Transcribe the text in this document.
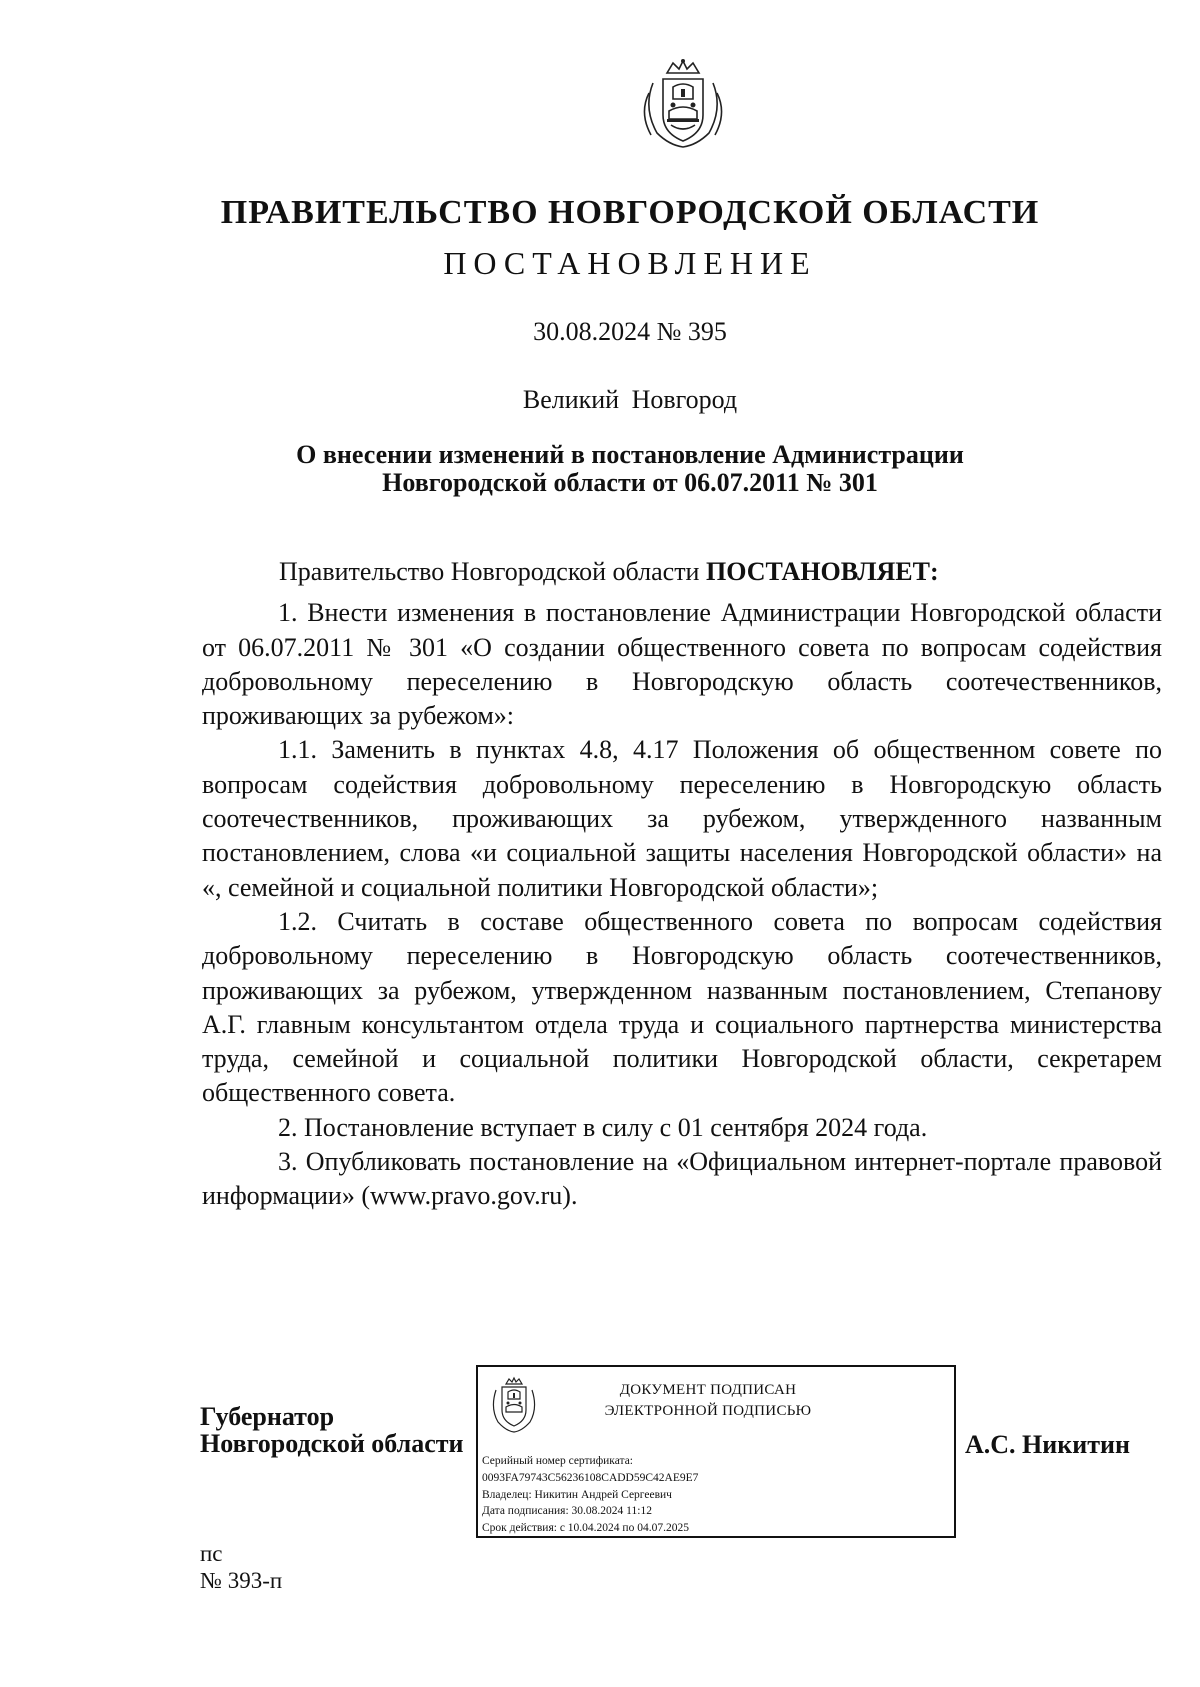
ПРАВИТЕЛЬСТВО НОВГОРОДСКОЙ ОБЛАСТИ
ПОСТАНОВЛЕНИЕ
30.08.2024 № 395
Великий Новгород
О внесении изменений в постановление Администрации
Новгородской области от 06.07.2011 № 301

Правительство Новгородской области ПОСТАНОВЛЯЕТ:

1. Внести изменения в постановление Администрации Новгородской области от 06.07.2011 № 301 «О создании общественного совета по вопросам содействия добровольному переселению в Новгородскую область соотечественников, проживающих за рубежом»:

1.1. Заменить в пунктах 4.8, 4.17 Положения об общественном совете по вопросам содействия добровольному переселению в Новгородскую область соотечественников, проживающих за рубежом, утвержденного названным постановлением, слова «и социальной защиты населения Новгородской области» на «, семейной и социальной политики Новгородской области»;

1.2. Считать в составе общественного совета по вопросам содействия добровольному переселению в Новгородскую область соотечественников, проживающих за рубежом, утвержденном названным постановлением, Степанову А.Г. главным консультантом отдела труда и социального партнерства министерства труда, семейной и социальной политики Новгородской области, секретарем общественного совета.

2. Постановление вступает в силу с 01 сентября 2024 года.

3. Опубликовать постановление на «Официальном интернет-портале правовой информации» (www.pravo.gov.ru).

Губернатор
Новгородской области
ДОКУМЕНТ ПОДПИСАН
ЭЛЕКТРОННОЙ ПОДПИСЬЮ
Серийный номер сертификата:
0093FA79743C56236108CADD59C42AE9E7
Владелец: Никитин Андрей Сергеевич
Дата подписания: 30.08.2024 11:12
Срок действия: с 10.04.2024 по 04.07.2025
А.С. Никитин
пс
№ 393-п
